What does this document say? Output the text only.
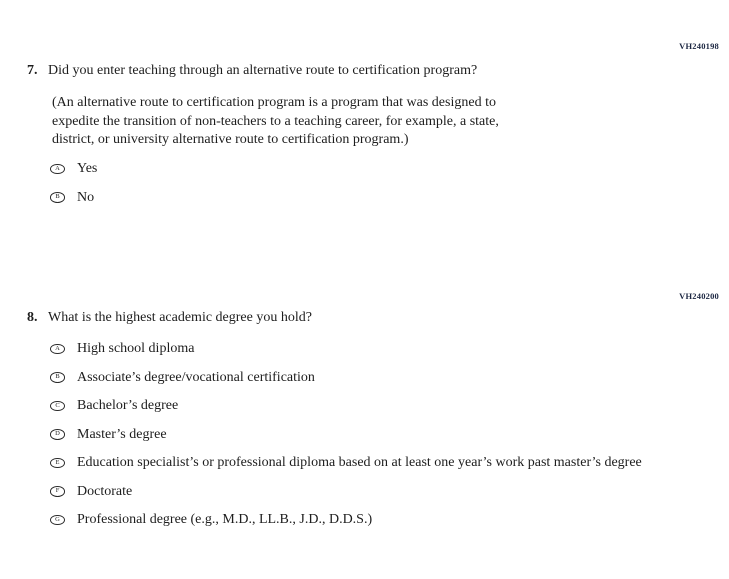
VH240198
7. Did you enter teaching through an alternative route to certification program?
(An alternative route to certification program is a program that was designed to
expedite the transition of non-teachers to a teaching career, for example, a state,
district, or university alternative route to certification program.)
A	Yes
B	No
VH240200
8. What is the highest academic degree you hold?
A	High school diploma
B	Associate’s degree/vocational certification
C	Bachelor’s degree
D	Master’s degree
E	Education specialist’s or professional diploma based on at least one year’s work past master’s degree
F	Doctorate
G	Professional degree (e.g., M.D., LL.B., J.D., D.D.S.)
